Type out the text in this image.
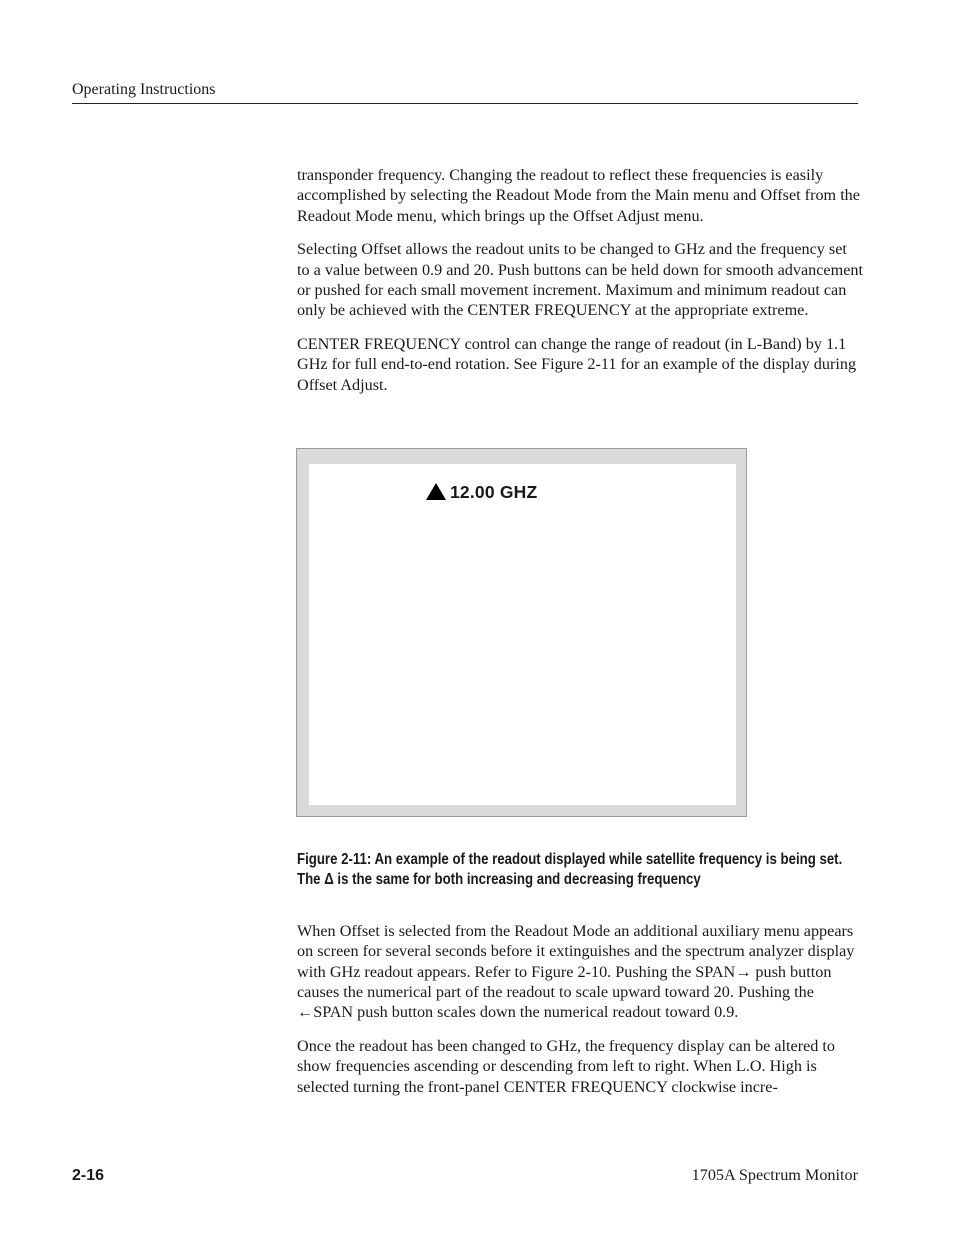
Operating Instructions

transponder frequency. Changing the readout to reflect these frequencies is easily accomplished by selecting the Readout Mode from the Main menu and Offset from the Readout Mode menu, which brings up the Offset Adjust menu.

Selecting Offset allows the readout units to be changed to GHz and the frequency set to a value between 0.9 and 20. Push buttons can be held down for smooth advancement or pushed for each small movement increment. Maximum and minimum readout can only be achieved with the CENTER FREQUENCY at the appropriate extreme.

CENTER FREQUENCY control can change the range of readout (in L-Band) by 1.1 GHz for full end-to-end rotation. See Figure 2-11 for an example of the display during Offset Adjust.

12.00 GHZ
Figure 2-11: An example of the readout displayed while satellite frequency is being set. The Δ is the same for both increasing and decreasing frequency

When Offset is selected from the Readout Mode an additional auxiliary menu appears on screen for several seconds before it extinguishes and the spectrum analyzer display with GHz readout appears. Refer to Figure 2-10. Pushing the SPAN→ push button causes the numerical part of the readout to scale upward toward 20. Pushing the ←SPAN push button scales down the numerical readout toward 0.9.

Once the readout has been changed to GHz, the frequency display can be altered to show frequencies ascending or descending from left to right. When L.O. High is selected turning the front-panel CENTER FREQUENCY clockwise incre-

2-16	1705A Spectrum Monitor
